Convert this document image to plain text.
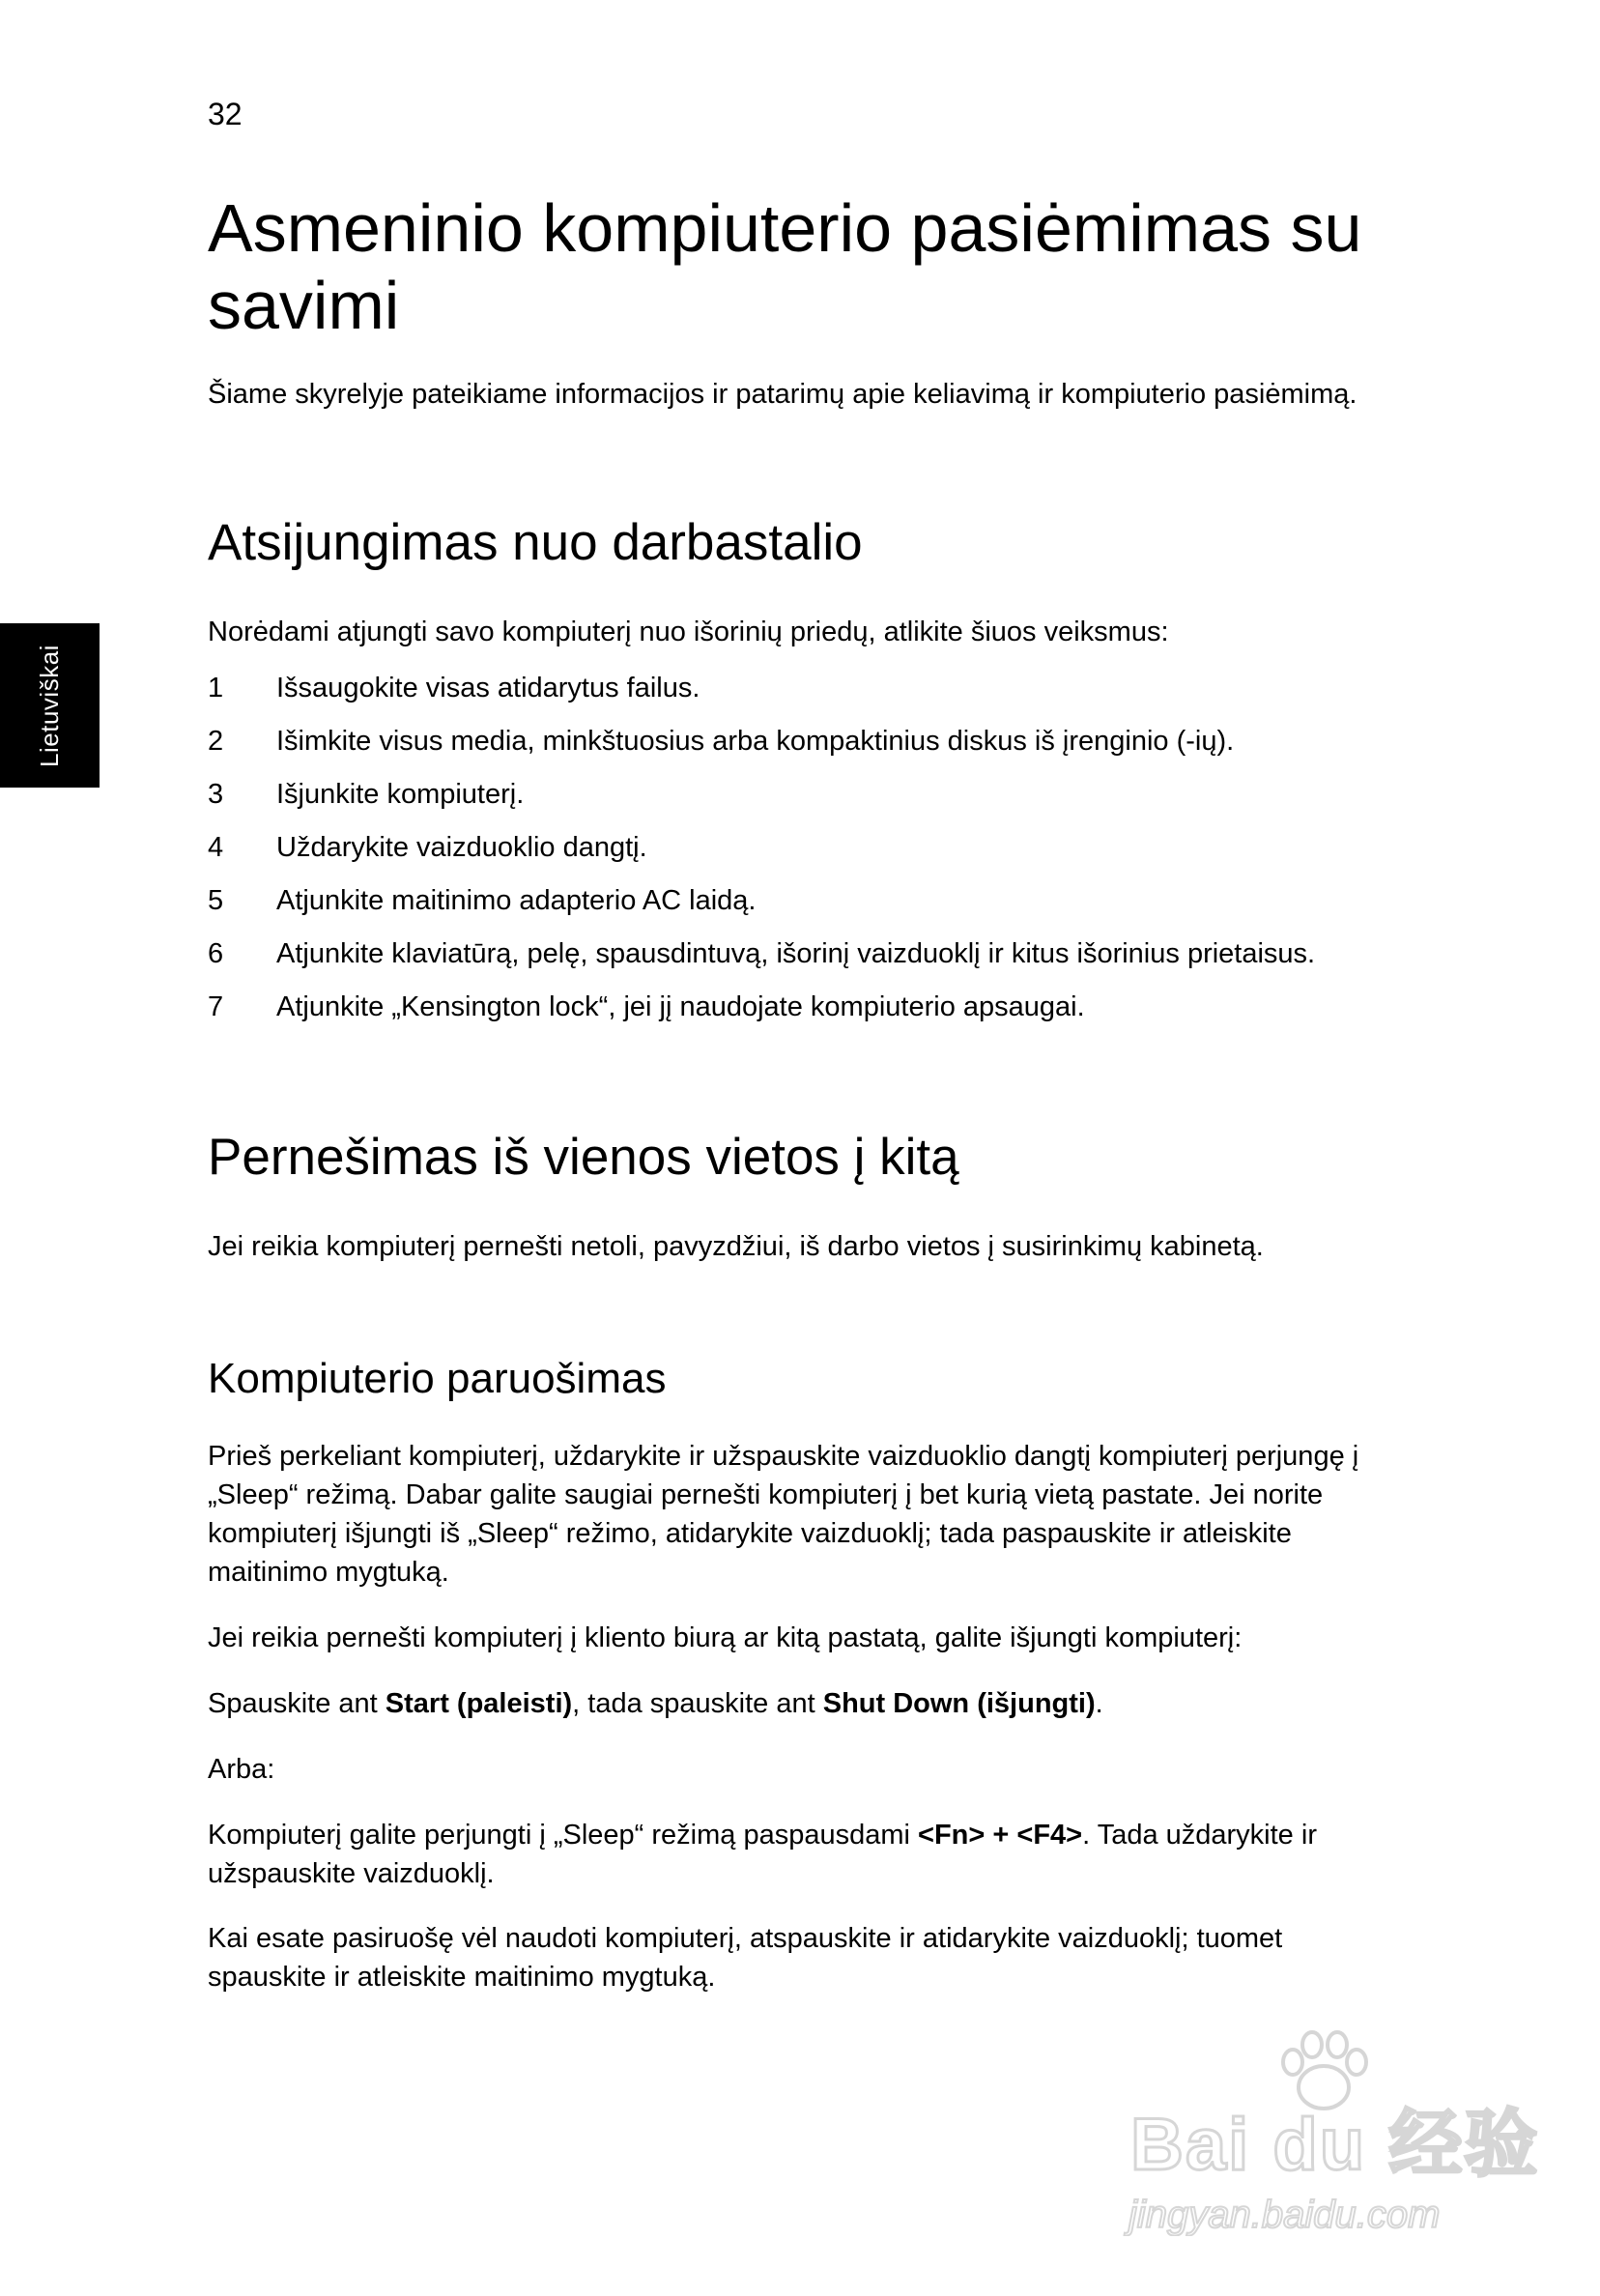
32
Lietuviškai
Asmeninio kompiuterio pasiėmimas su savimi

Šiame skyrelyje pateikiame informacijos ir patarimų apie keliavimą ir kompiuterio pasiėmimą.

Atsijungimas nuo darbastalio

Norėdami atjungti savo kompiuterį nuo išorinių priedų, atlikite šiuos veiksmus:

1	Išsaugokite visas atidarytus failus.
2	Išimkite visus media, minkštuosius arba kompaktinius diskus iš įrenginio (-ių).
3	Išjunkite kompiuterį.
4	Uždarykite vaizduoklio dangtį.
5	Atjunkite maitinimo adapterio AC laidą.
6	Atjunkite klaviatūrą, pelę, spausdintuvą, išorinį vaizduoklį ir kitus išorinius prietaisus.
7	Atjunkite „Kensington lock“, jei jį naudojate kompiuterio apsaugai.
Pernešimas iš vienos vietos į kitą

Jei reikia kompiuterį pernešti netoli, pavyzdžiui, iš darbo vietos į susirinkimų kabinetą.

Kompiuterio paruošimas

Prieš perkeliant kompiuterį, uždarykite ir užspauskite vaizduoklio dangtį kompiuterį perjungę į „Sleep“ režimą. Dabar galite saugiai pernešti kompiuterį į bet kurią vietą pastate. Jei norite kompiuterį išjungti iš „Sleep“ režimo, atidarykite vaizduoklį; tada paspauskite ir atleiskite maitinimo mygtuką.

Jei reikia pernešti kompiuterį į kliento biurą ar kitą pastatą, galite išjungti kompiuterį:

Spauskite ant Start (paleisti), tada spauskite ant Shut Down (išjungti).

Arba:

Kompiuterį galite perjungti į „Sleep“ režimą paspausdami <Fn> + <F4>. Tada uždarykite ir užspauskite vaizduoklį.

Kai esate pasiruošę vėl naudoti kompiuterį, atspauskite ir atidarykite vaizduoklį; tuomet spauskite ir atleiskite maitinimo mygtuką.

Bai du 经验
jingyan.baidu.com
